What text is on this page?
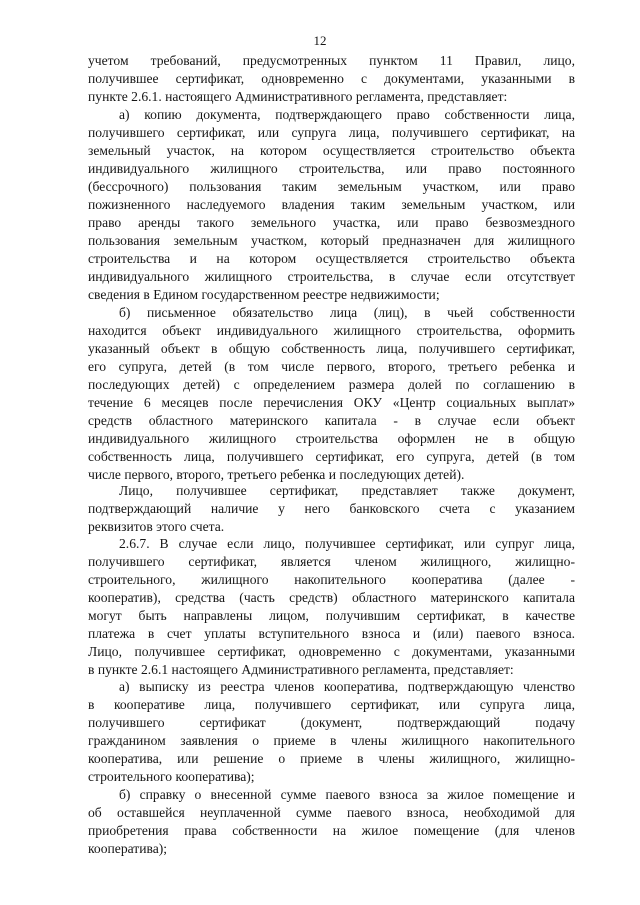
12
учетом требований, предусмотренных пунктом 11 Правил, лицо,
получившее сертификат, одновременно с документами, указанными в
пункте 2.6.1. настоящего Административного регламента, представляет:
а) копию документа, подтверждающего право собственности лица,
получившего сертификат, или супруга лица, получившего сертификат, на
земельный участок, на котором осуществляется строительство объекта
индивидуального жилищного строительства, или право постоянного
(бессрочного) пользования таким земельным участком, или право
пожизненного наследуемого владения таким земельным участком, или
право аренды такого земельного участка, или право безвозмездного
пользования земельным участком, который предназначен для жилищного
строительства и на котором осуществляется строительство объекта
индивидуального жилищного строительства, в случае если отсутствует
сведения в Едином государственном реестре недвижимости;
б) письменное обязательство лица (лиц), в чьей собственности
находится объект индивидуального жилищного строительства, оформить
указанный объект в общую собственность лица, получившего сертификат,
его супруга, детей (в том числе первого, второго, третьего ребенка и
последующих детей) с определением размера долей по соглашению в
течение 6 месяцев после перечисления ОКУ «Центр социальных выплат»
средств областного материнского капитала - в случае если объект
индивидуального жилищного строительства оформлен не в общую
собственность лица, получившего сертификат, его супруга, детей (в том
числе первого, второго, третьего ребенка и последующих детей).
Лицо, получившее сертификат, представляет также документ,
подтверждающий наличие у него банковского счета с указанием
реквизитов этого счета.
2.6.7. В случае если лицо, получившее сертификат, или супруг лица,
получившего сертификат, является членом жилищного, жилищно-
строительного, жилищного накопительного кооператива (далее -
кооператив), средства (часть средств) областного материнского капитала
могут быть направлены лицом, получившим сертификат, в качестве
платежа в счет уплаты вступительного взноса и (или) паевого взноса.
Лицо, получившее сертификат, одновременно с документами, указанными
в пункте 2.6.1 настоящего Административного регламента, представляет:
а) выписку из реестра членов кооператива, подтверждающую членство
в кооперативе лица, получившего сертификат, или супруга лица,
получившего сертификат (документ, подтверждающий подачу
гражданином заявления о приеме в члены жилищного накопительного
кооператива, или решение о приеме в члены жилищного, жилищно-
строительного кооператива);
б) справку о внесенной сумме паевого взноса за жилое помещение и
об оставшейся неуплаченной сумме паевого взноса, необходимой для
приобретения права собственности на жилое помещение (для членов
кооператива);
